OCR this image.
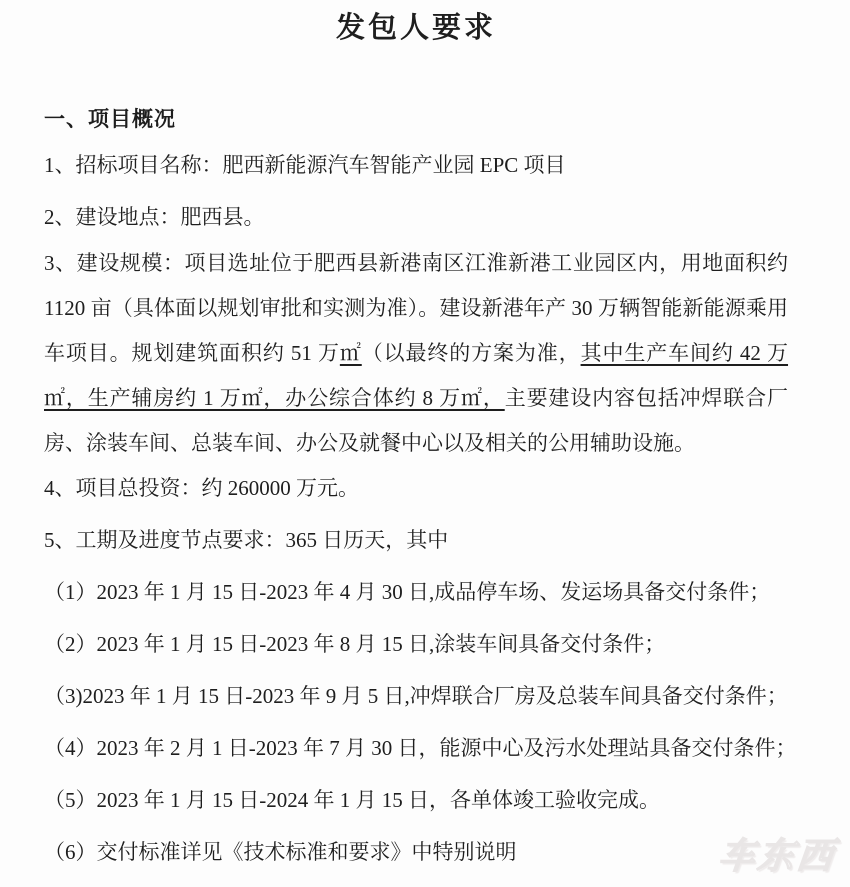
发包人要求
一、项目概况

1、招标项目名称：肥西新能源汽车智能产业园 EPC 项目

2、建设地点：肥西县。

3、建设规模：项目选址位于肥西县新港南区江淮新港工业园区内，用地面积约 1120 亩（具体面以规划审批和实测为准）。建设新港年产 30 万辆智能新能源乘用车项目。规划建筑面积约 51 万㎡（以最终的方案为准，其中生产车间约 42 万㎡，生产辅房约 1 万㎡，办公综合体约 8 万㎡，主要建设内容包括冲焊联合厂房、涂装车间、总装车间、办公及就餐中心以及相关的公用辅助设施。

4、项目总投资：约 260000 万元。

5、工期及进度节点要求：365 日历天，其中

（1）2023 年 1 月 15 日-2023 年 4 月 30 日,成品停车场、发运场具备交付条件；

（2）2023 年 1 月 15 日-2023 年 8 月 15 日,涂装车间具备交付条件；

（3)2023 年 1 月 15 日-2023 年 9 月 5 日,冲焊联合厂房及总装车间具备交付条件；

（4）2023 年 2 月 1 日-2023 年 7 月 30 日，能源中心及污水处理站具备交付条件；

（5）2023 年 1 月 15 日-2024 年 1 月 15 日，各单体竣工验收完成。

（6）交付标准详见《技术标准和要求》中特别说明	车东西
